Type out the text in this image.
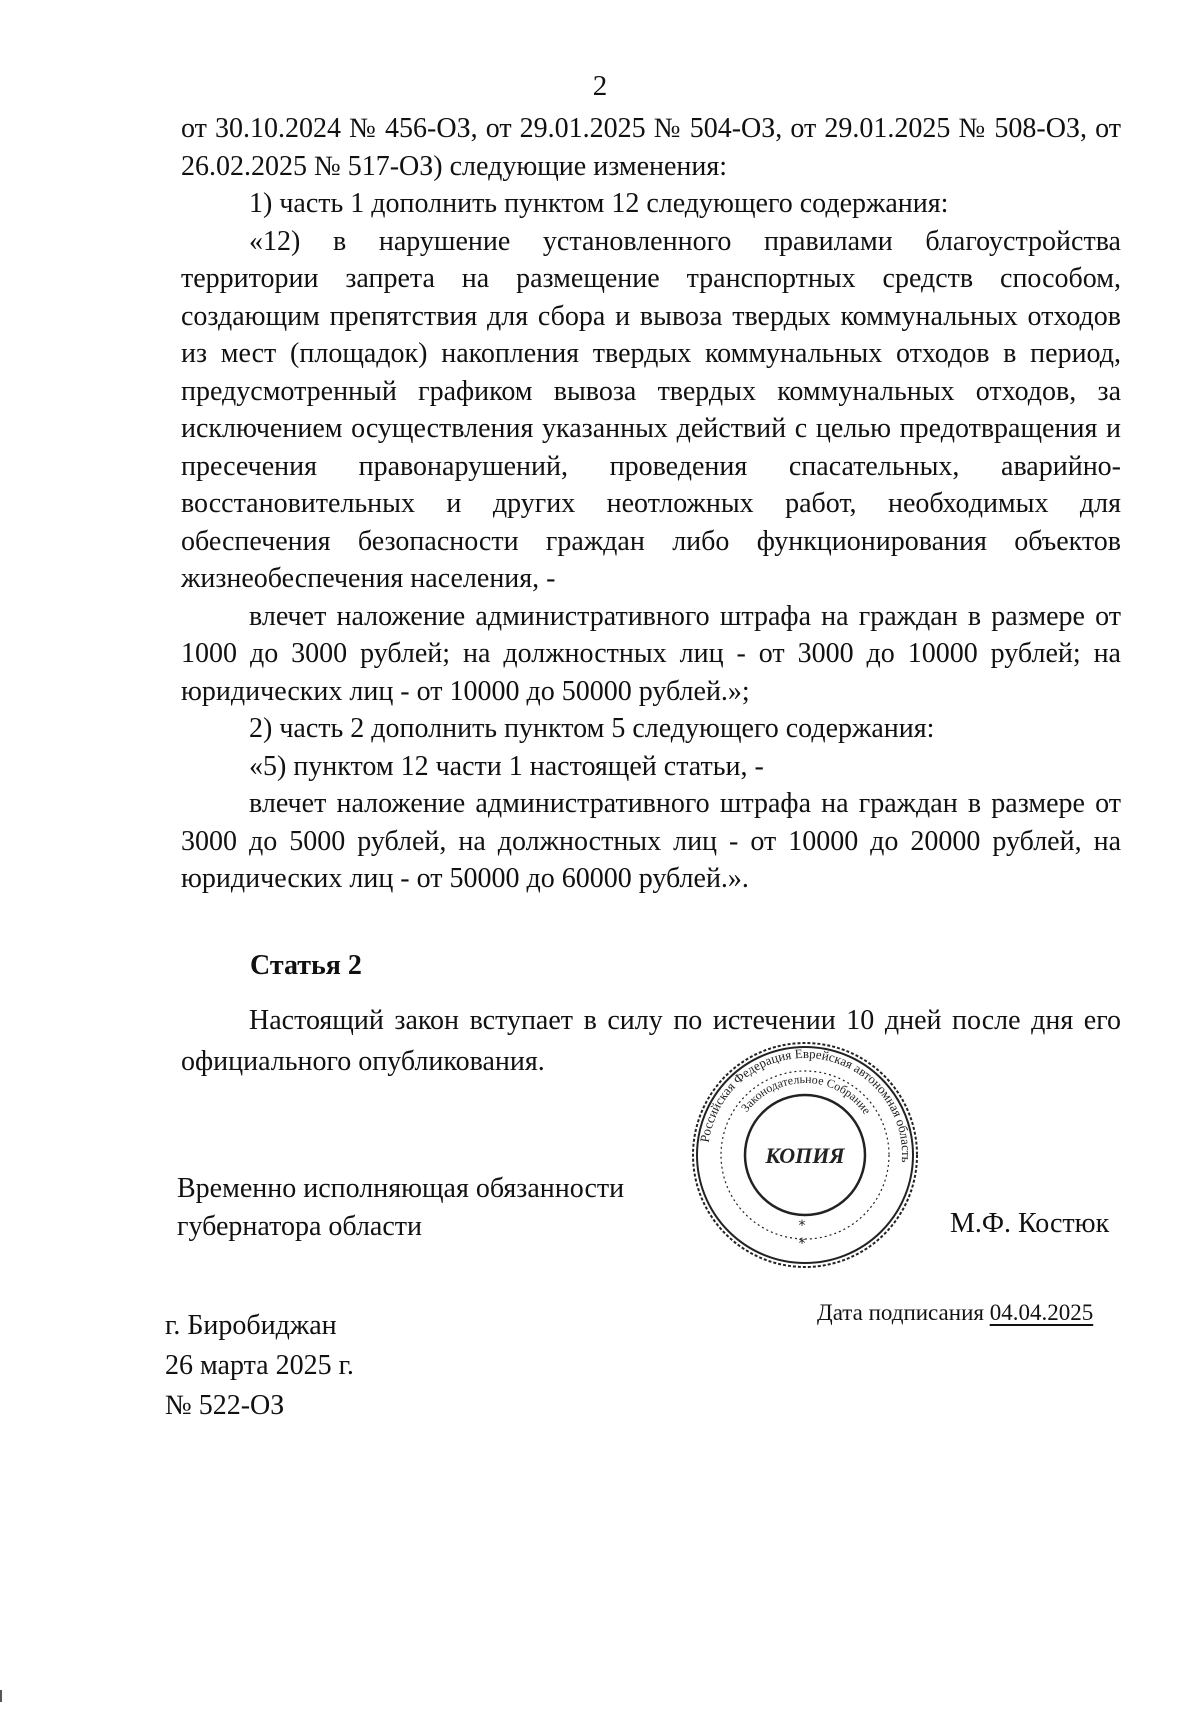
2

от 30.10.2024 № 456-ОЗ, от 29.01.2025 № 504-ОЗ, от 29.01.2025 № 508-ОЗ, от 26.02.2025 № 517-ОЗ) следующие изменения:

1) часть 1 дополнить пунктом 12 следующего содержания:

«12) в нарушение установленного правилами благоустройства территории запрета на размещение транспортных средств способом, создающим препятствия для сбора и вывоза твердых коммунальных отходов из мест (площадок) накопления твердых коммунальных отходов в период, предусмотренный графиком вывоза твердых коммунальных отходов, за исключением осуществления указанных действий с целью предотвращения и пресечения правонарушений, проведения спасательных, аварийно-восстановительных и других неотложных работ, необходимых для обеспечения безопасности граждан либо функционирования объектов жизнеобеспечения населения, -

влечет наложение административного штрафа на граждан в размере от 1000 до 3000 рублей; на должностных лиц - от 3000 до 10000 рублей; на юридических лиц - от 10000 до 50000 рублей.»;

2) часть 2 дополнить пунктом 5 следующего содержания:

«5) пунктом 12 части 1 настоящей статьи, -

влечет наложение административного штрафа на граждан в размере от 3000 до 5000 рублей, на должностных лиц - от 10000 до 20000 рублей, на юридических лиц - от 50000 до 60000 рублей.».

Статья 2

Настоящий закон вступает в силу по истечении 10 дней после дня его официального опубликования.

Временно исполняющая обязанности
губернатора области
Российская Федерация Еврейская автономная область
Законодательное Собрание
КОПИЯ
*
*
М.Ф. Костюк
г. Биробиджан
26 марта 2025 г.
№ 522-ОЗ
Дата подписания 04.04.2025
